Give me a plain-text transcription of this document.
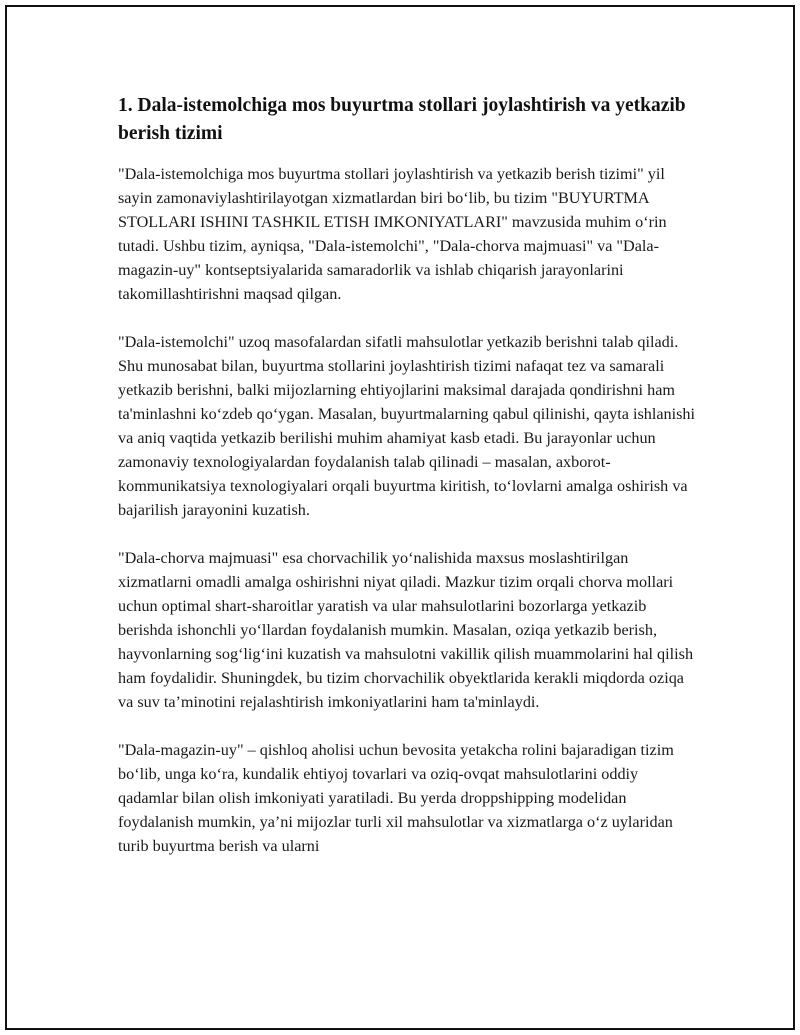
1. Dala-istemolchiga mos buyurtma stollari joylashtirish va yetkazib berish tizimi

"Dala-istemolchiga mos buyurtma stollari joylashtirish va yetkazib berish tizimi" yil sayin zamonaviylashtirilayotgan xizmatlardan biri bo‘lib, bu tizim "BUYURTMA STOLLARI ISHINI TASHKIL ETISH IMKONIYATLARI" mavzusida muhim o‘rin tutadi. Ushbu tizim, ayniqsa, "Dala-istemolchi", "Dala-chorva majmuasi" va "Dala-magazin-uy" kontseptsiyalarida samaradorlik va ishlab chiqarish jarayonlarini takomillashtirishni maqsad qilgan.

"Dala-istemolchi" uzoq masofalardan sifatli mahsulotlar yetkazib berishni talab qiladi. Shu munosabat bilan, buyurtma stollarini joylashtirish tizimi nafaqat tez va samarali yetkazib berishni, balki mijozlarning ehtiyojlarini maksimal darajada qondirishni ham ta'minlashni ko‘zdeb qo‘ygan. Masalan, buyurtmalarning qabul qilinishi, qayta ishlanishi va aniq vaqtida yetkazib berilishi muhim ahamiyat kasb etadi. Bu jarayonlar uchun zamonaviy texnologiyalardan foydalanish talab qilinadi – masalan, axborot-kommunikatsiya texnologiyalari orqali buyurtma kiritish, to‘lovlarni amalga oshirish va bajarilish jarayonini kuzatish.

"Dala-chorva majmuasi" esa chorvachilik yo‘nalishida maxsus moslashtirilgan xizmatlarni omadli amalga oshirishni niyat qiladi. Mazkur tizim orqali chorva mollari uchun optimal shart-sharoitlar yaratish va ular mahsulotlarini bozorlarga yetkazib berishda ishonchli yo‘llardan foydalanish mumkin. Masalan, oziqa yetkazib berish, hayvonlarning sog‘lig‘ini kuzatish va mahsulotni vakillik qilish muammolarini hal qilish ham foydalidir. Shuningdek, bu tizim chorvachilik obyektlarida kerakli miqdorda oziqa va suv ta’minotini rejalashtirish imkoniyatlarini ham ta'minlaydi.

"Dala-magazin-uy" – qishloq aholisi uchun bevosita yetakcha rolini bajaradigan tizim bo‘lib, unga ko‘ra, kundalik ehtiyoj tovarlari va oziq-ovqat mahsulotlarini oddiy qadamlar bilan olish imkoniyati yaratiladi. Bu yerda droppshipping modelidan foydalanish mumkin, ya’ni mijozlar turli xil mahsulotlar va xizmatlarga o‘z uylaridan turib buyurtma berish va ularni
